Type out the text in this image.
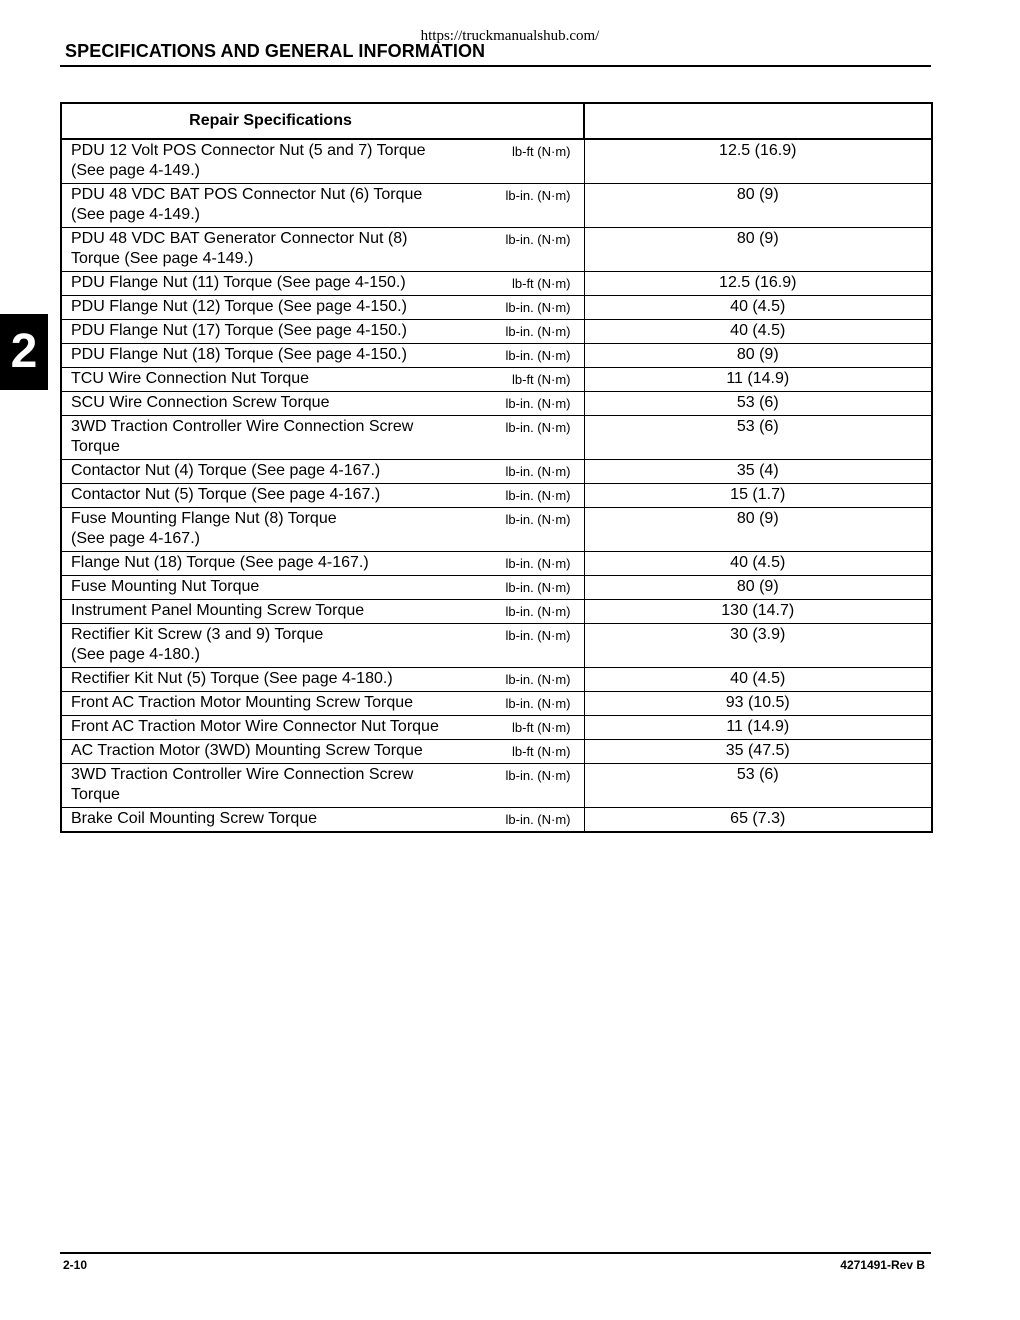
https://truckmanualshub.com/
SPECIFICATIONS AND GENERAL INFORMATION
2
Repair Specifications		
PDU 12 Volt POS Connector Nut (5 and 7) Torque
(See page 4-149.)	lb-ft (N·m)	12.5 (16.9)
PDU 48 VDC BAT POS Connector Nut (6) Torque
(See page 4-149.)	lb-in. (N·m)	80 (9)
PDU 48 VDC BAT Generator Connector Nut (8)
Torque (See page 4-149.)	lb-in. (N·m)	80 (9)
PDU Flange Nut (11) Torque (See page 4-150.)	lb-ft (N·m)	12.5 (16.9)
PDU Flange Nut (12) Torque (See page 4-150.)	lb-in. (N·m)	40 (4.5)
PDU Flange Nut (17) Torque (See page 4-150.)	lb-in. (N·m)	40 (4.5)
PDU Flange Nut (18) Torque (See page 4-150.)	lb-in. (N·m)	80 (9)
TCU Wire Connection Nut Torque	lb-ft (N·m)	11 (14.9)
SCU Wire Connection Screw Torque	lb-in. (N·m)	53 (6)
3WD Traction Controller Wire Connection Screw
Torque	lb-in. (N·m)	53 (6)
Contactor Nut (4) Torque (See page 4-167.)	lb-in. (N·m)	35 (4)
Contactor Nut (5) Torque (See page 4-167.)	lb-in. (N·m)	15 (1.7)
Fuse Mounting Flange Nut (8) Torque
(See page 4-167.)	lb-in. (N·m)	80 (9)
Flange Nut (18) Torque (See page 4-167.)	lb-in. (N·m)	40 (4.5)
Fuse Mounting Nut Torque	lb-in. (N·m)	80 (9)
Instrument Panel Mounting Screw Torque	lb-in. (N·m)	130 (14.7)
Rectifier Kit Screw (3 and 9) Torque
(See page 4-180.)	lb-in. (N·m)	30 (3.9)
Rectifier Kit Nut (5) Torque (See page 4-180.)	lb-in. (N·m)	40 (4.5)
Front AC Traction Motor Mounting Screw Torque	lb-in. (N·m)	93 (10.5)
Front AC Traction Motor Wire Connector Nut Torque	lb-ft (N·m)	11 (14.9)
AC Traction Motor (3WD) Mounting Screw Torque	lb-ft (N·m)	35 (47.5)
3WD Traction Controller Wire Connection Screw
Torque	lb-in. (N·m)	53 (6)
Brake Coil Mounting Screw Torque	lb-in. (N·m)	65 (7.3)
2-10	4271491-Rev B
